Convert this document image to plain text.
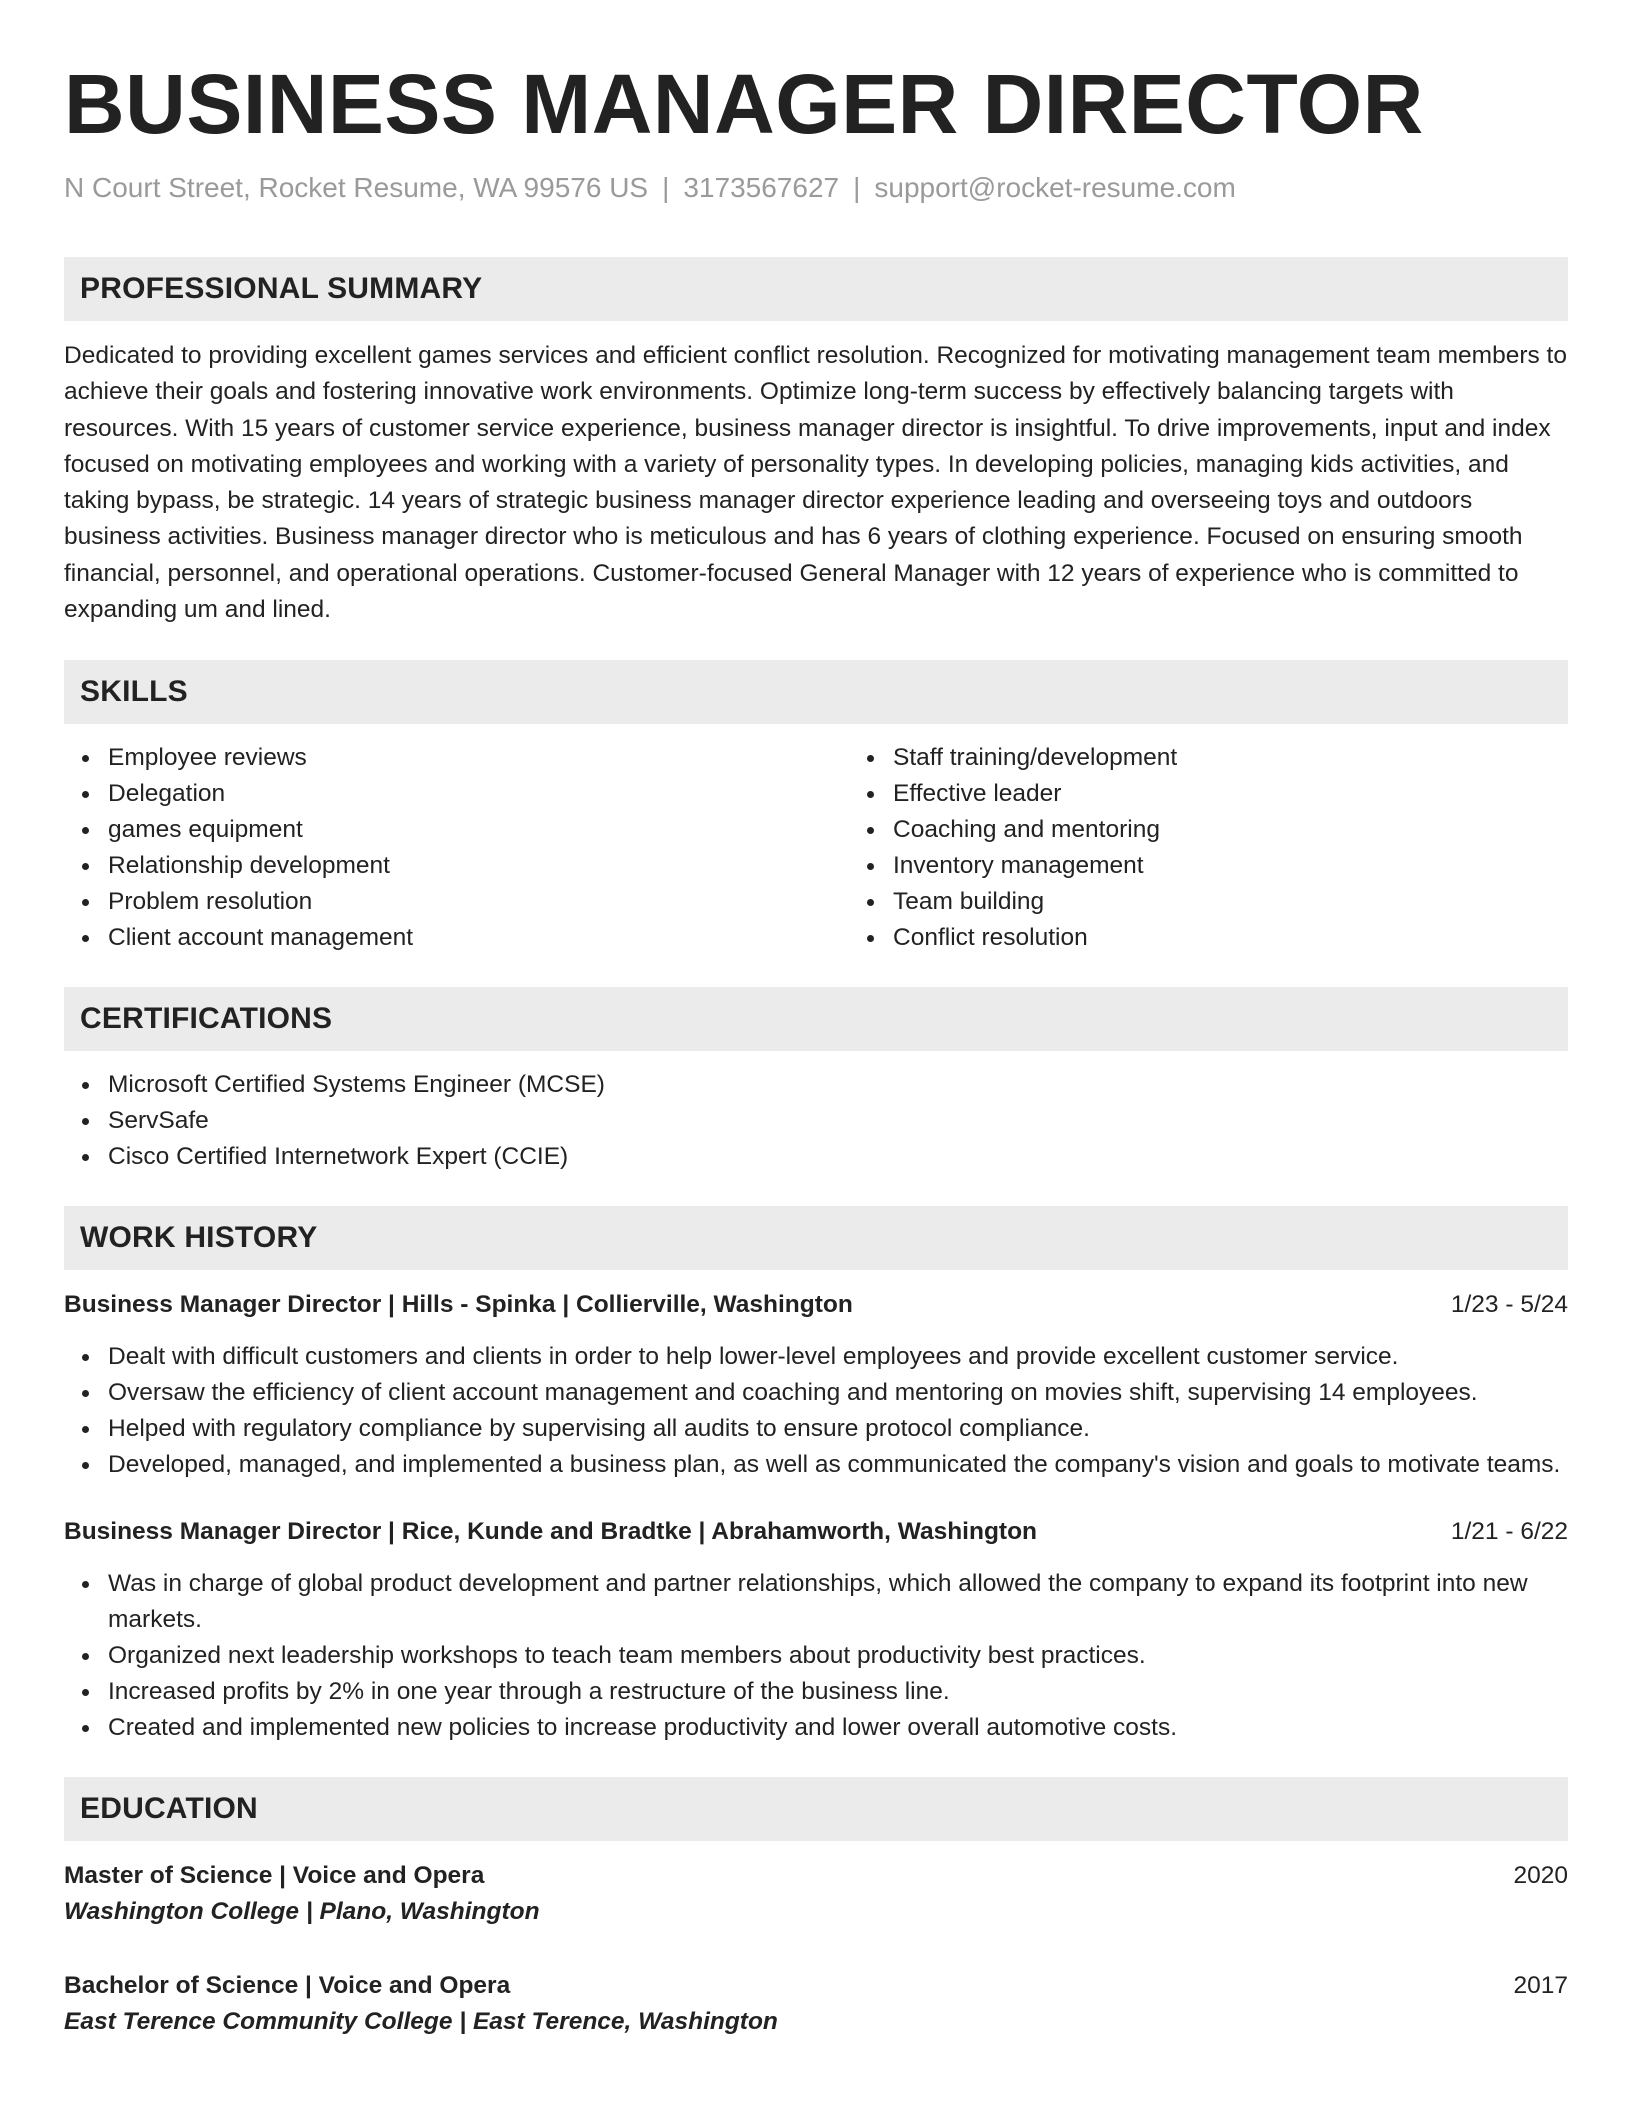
BUSINESS MANAGER DIRECTOR
N Court Street, Rocket Resume, WA 99576 US | 3173567627 | support@rocket-resume.com
PROFESSIONAL SUMMARY

Dedicated to providing excellent games services and efficient conflict resolution. Recognized for motivating management team members to achieve their goals and fostering innovative work environments. Optimize long-term success by effectively balancing targets with resources. With 15 years of customer service experience, business manager director is insightful. To drive improvements, input and index focused on motivating employees and working with a variety of personality types. In developing policies, managing kids activities, and taking bypass, be strategic. 14 years of strategic business manager director experience leading and overseeing toys and outdoors business activities. Business manager director who is meticulous and has 6 years of clothing experience. Focused on ensuring smooth financial, personnel, and operational operations. Customer-focused General Manager with 12 years of experience who is committed to expanding um and lined.

SKILLS
Employee reviews
Delegation
games equipment
Relationship development
Problem resolution
Client account management
Staff training/development
Effective leader
Coaching and mentoring
Inventory management
Team building
Conflict resolution
CERTIFICATIONS
Microsoft Certified Systems Engineer (MCSE)
ServSafe
Cisco Certified Internetwork Expert (CCIE)
WORK HISTORY
Business Manager Director | Hills - Spinka | Collierville, Washington	1/23 - 5/24
Dealt with difficult customers and clients in order to help lower-level employees and provide excellent customer service.
Oversaw the efficiency of client account management and coaching and mentoring on movies shift, supervising 14 employees.
Helped with regulatory compliance by supervising all audits to ensure protocol compliance.
Developed, managed, and implemented a business plan, as well as communicated the company's vision and goals to motivate teams.
Business Manager Director | Rice, Kunde and Bradtke | Abrahamworth, Washington	1/21 - 6/22
Was in charge of global product development and partner relationships, which allowed the company to expand its footprint into new markets.
Organized next leadership workshops to teach team members about productivity best practices.
Increased profits by 2% in one year through a restructure of the business line.
Created and implemented new policies to increase productivity and lower overall automotive costs.
EDUCATION
Master of Science | Voice and Opera	2020
Washington College | Plano, Washington
Bachelor of Science | Voice and Opera	2017
East Terence Community College | East Terence, Washington
